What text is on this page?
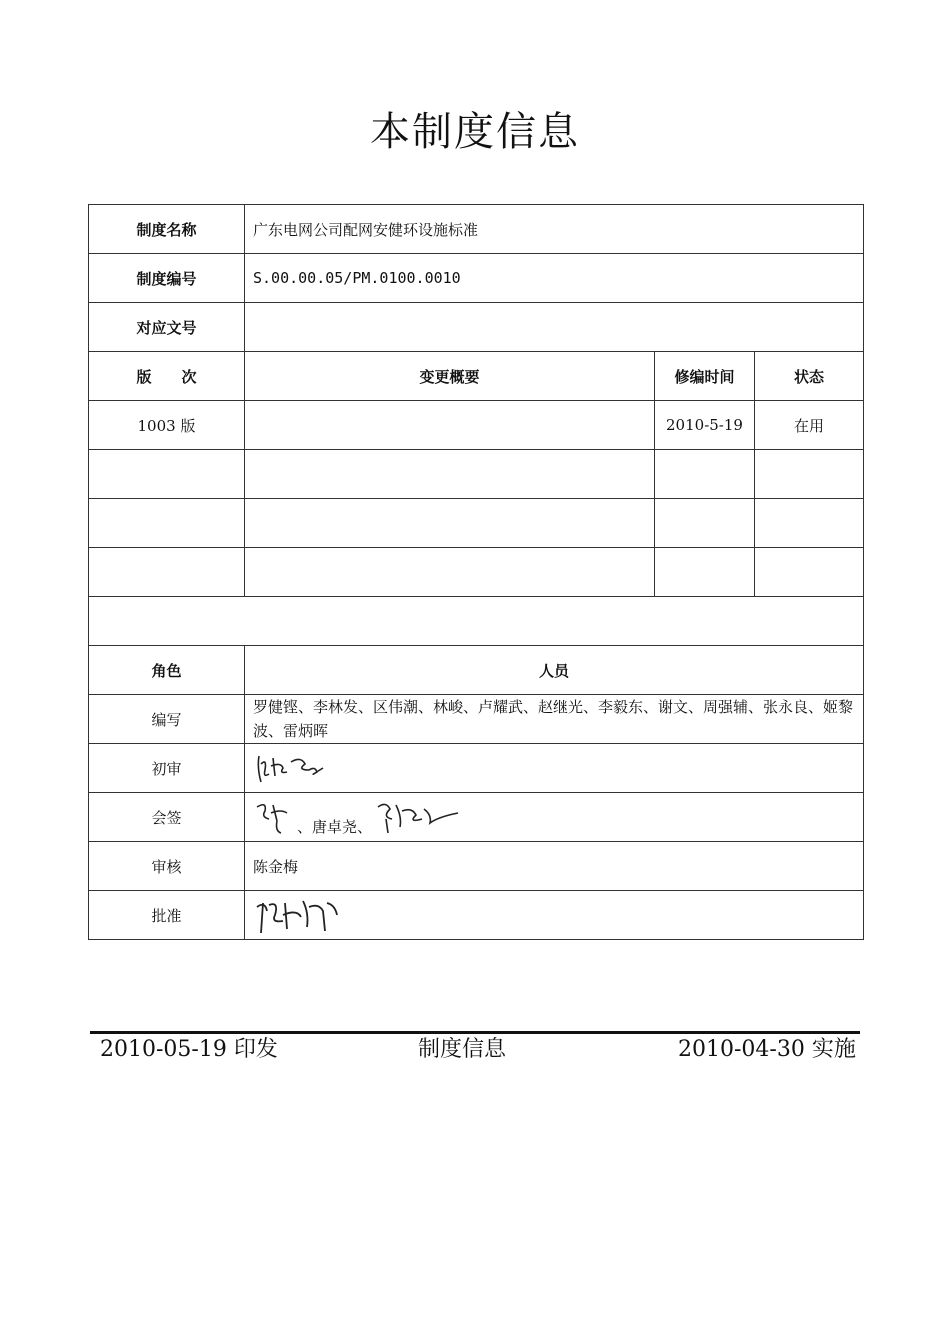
本制度信息
制度名称	广东电网公司配网安健环设施标准		
制度编号	S.00.00.05/PM.0100.0010		
对应文号			
版　　次	变更概要	修编时间	状态
1003 版		2010-5-19	在用

角色	人员		
编写	罗健铿、李林发、区伟潮、林峻、卢耀武、赵继光、李毅东、谢文、周强辅、张永良、姬黎波、雷炳晖		
初审	
会签	、唐卓尧、		
审核	陈金梅		
批准	
2010-05-19 印发	制度信息	2010-04-30 实施
